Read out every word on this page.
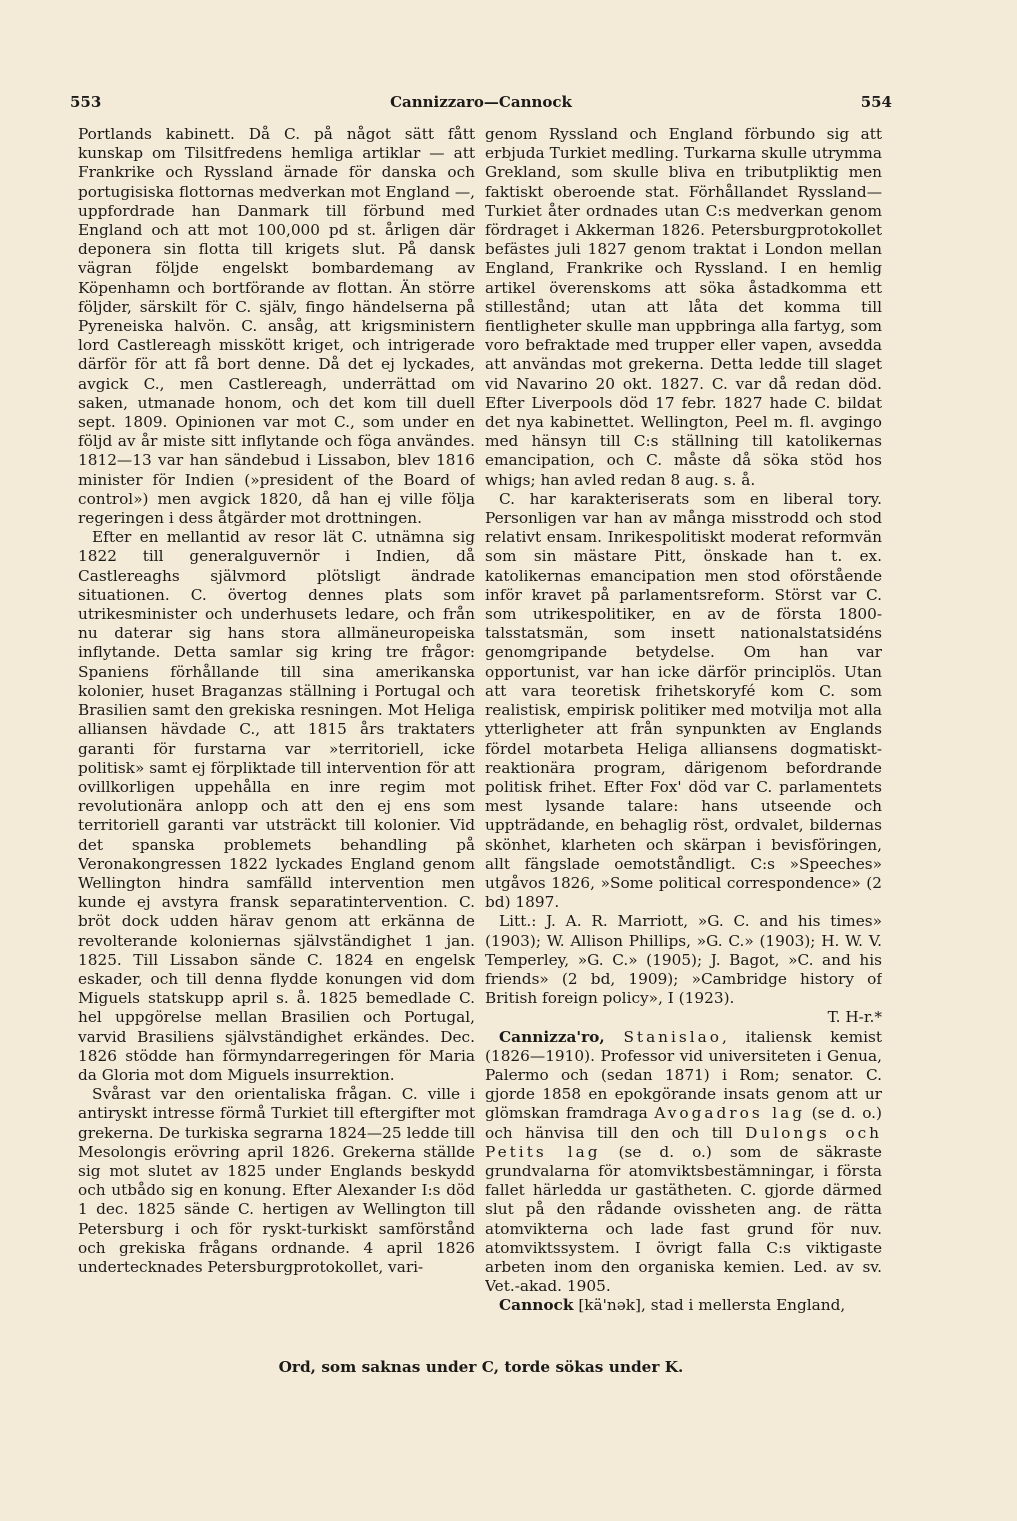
553	Cannizzaro—Cannock	554

Portlands kabinett. Då C. på något sätt fått kunskap om Tilsitfredens hemliga artiklar — att Frankrike och Ryssland ärnade för danska och portugisiska flottornas medverkan mot England —, uppfordrade han Danmark till förbund med England och att mot 100,000 pd st. årligen där deponera sin flotta till krigets slut. På dansk vägran följde engelskt bombardemang av Köpenhamn och bortförande av flottan. Än större följder, särskilt för C. själv, fingo händelserna på Pyreneiska halvön. C. ansåg, att krigsministern lord Castlereagh misskött kriget, och intrigerade därför för att få bort denne. Då det ej lyckades, avgick C., men Castlereagh, underrättad om saken, utmanade honom, och det kom till duell sept. 1809. Opinionen var mot C., som under en följd av år miste sitt inflytande och föga användes. 1812—13 var han sändebud i Lissabon, blev 1816 minister för Indien (»president of the Board of control») men avgick 1820, då han ej ville följa regeringen i dess åtgärder mot drottningen.

Efter en mellantid av resor lät C. utnämna sig 1822 till generalguvernör i Indien, då Castlereaghs självmord plötsligt ändrade situationen. C. övertog dennes plats som utrikesminister och underhusets ledare, och från nu daterar sig hans stora allmäneuropeiska inflytande. Detta samlar sig kring tre frågor: Spaniens förhållande till sina amerikanska kolonier, huset Braganzas ställning i Portugal och Brasilien samt den grekiska resningen. Mot Heliga alliansen hävdade C., att 1815 års traktaters garanti för furstarna var »territoriell, icke politisk» samt ej förpliktade till intervention för att ovillkorligen uppehålla en inre regim mot revolutionära anlopp och att den ej ens som territoriell garanti var utsträckt till kolonier. Vid det spanska problemets behandling på Veronakongressen 1822 lyckades England genom Wellington hindra samfälld intervention men kunde ej avstyra fransk separatintervention. C. bröt dock udden härav genom att erkänna de revolterande koloniernas självständighet 1 jan. 1825. Till Lissabon sände C. 1824 en engelsk eskader, och till denna flydde konungen vid dom Miguels statskupp april s. å. 1825 bemedlade C. hel uppgörelse mellan Brasilien och Portugal, varvid Brasiliens självständighet erkändes. Dec. 1826 stödde han förmyndarregeringen för Maria da Gloria mot dom Miguels insurrektion.

Svårast var den orientaliska frågan. C. ville i antiryskt intresse förmå Turkiet till eftergifter mot grekerna. De turkiska segrarna 1824—25 ledde till Mesolongis erövring april 1826. Grekerna ställde sig mot slutet av 1825 under Englands beskydd och utbådo sig en konung. Efter Alexander I:s död 1 dec. 1825 sände C. hertigen av Wellington till Petersburg i och för ryskt-turkiskt samförstånd och grekiska frågans ordnande. 4 april 1826 undertecknades Petersburgprotokollet, vari-

genom Ryssland och England förbundo sig att erbjuda Turkiet medling. Turkarna skulle utrymma Grekland, som skulle bliva en tributpliktig men faktiskt oberoende stat. Förhållandet Ryssland—Turkiet åter ordnades utan C:s medverkan genom fördraget i Akkerman 1826. Petersburgprotokollet befästes juli 1827 genom traktat i London mellan England, Frankrike och Ryssland. I en hemlig artikel överenskoms att söka åstadkomma ett stillestånd; utan att låta det komma till fientligheter skulle man uppbringa alla fartyg, som voro befraktade med trupper eller vapen, avsedda att användas mot grekerna. Detta ledde till slaget vid Navarino 20 okt. 1827. C. var då redan död. Efter Liverpools död 17 febr. 1827 hade C. bildat det nya kabinettet. Wellington, Peel m. fl. avgingo med hänsyn till C:s ställning till katolikernas emancipation, och C. måste då söka stöd hos whigs; han avled redan 8 aug. s. å.

C. har karakteriserats som en liberal tory. Personligen var han av många misstrodd och stod relativt ensam. Inrikespolitiskt moderat reformvän som sin mästare Pitt, önskade han t. ex. katolikernas emancipation men stod oförstående inför kravet på parlamentsreform. Störst var C. som utrikespolitiker, en av de första 1800-talsstatsmän, som insett nationalstatsidéns genomgripande betydelse. Om han var opportunist, var han icke därför principlös. Utan att vara teoretisk frihetskoryfé kom C. som realistisk, empirisk politiker med motvilja mot alla ytterligheter att från synpunkten av Englands fördel motarbeta Heliga alliansens dogmatiskt-reaktionära program, därigenom befordrande politisk frihet. Efter Fox' död var C. parlamentets mest lysande talare: hans utseende och uppträdande, en behaglig röst, ordvalet, bildernas skönhet, klarheten och skärpan i bevisföringen, allt fängslade oemotståndligt. C:s »Speeches» utgåvos 1826, »Some political correspondence» (2 bd) 1897.

Litt.: J. A. R. Marriott, »G. C. and his times» (1903); W. Allison Phillips, »G. C.» (1903); H. W. V. Temperley, »G. C.» (1905); J. Bagot, »C. and his friends» (2 bd, 1909); »Cambridge history of British foreign policy», I (1923).
T. H-r.*

Cannizza'ro, Stanislao, italiensk kemist (1826—1910). Professor vid universiteten i Genua, Palermo och (sedan 1871) i Rom; senator. C. gjorde 1858 en epokgörande insats genom att ur glömskan framdraga Avogadros lag (se d. o.) och hänvisa till den och till Dulongs och Petits lag (se d. o.) som de säkraste grundvalarna för atomviktsbestämningar, i första fallet härledda ur gastätheten. C. gjorde därmed slut på den rådande ovissheten ang. de rätta atomvikterna och lade fast grund för nuv. atomviktssystem. I övrigt falla C:s viktigaste arbeten inom den organiska kemien. Led. av sv. Vet.-akad. 1905.

Cannock [kä'nək], stad i mellersta England,

Ord, som saknas under C, torde sökas under K.
